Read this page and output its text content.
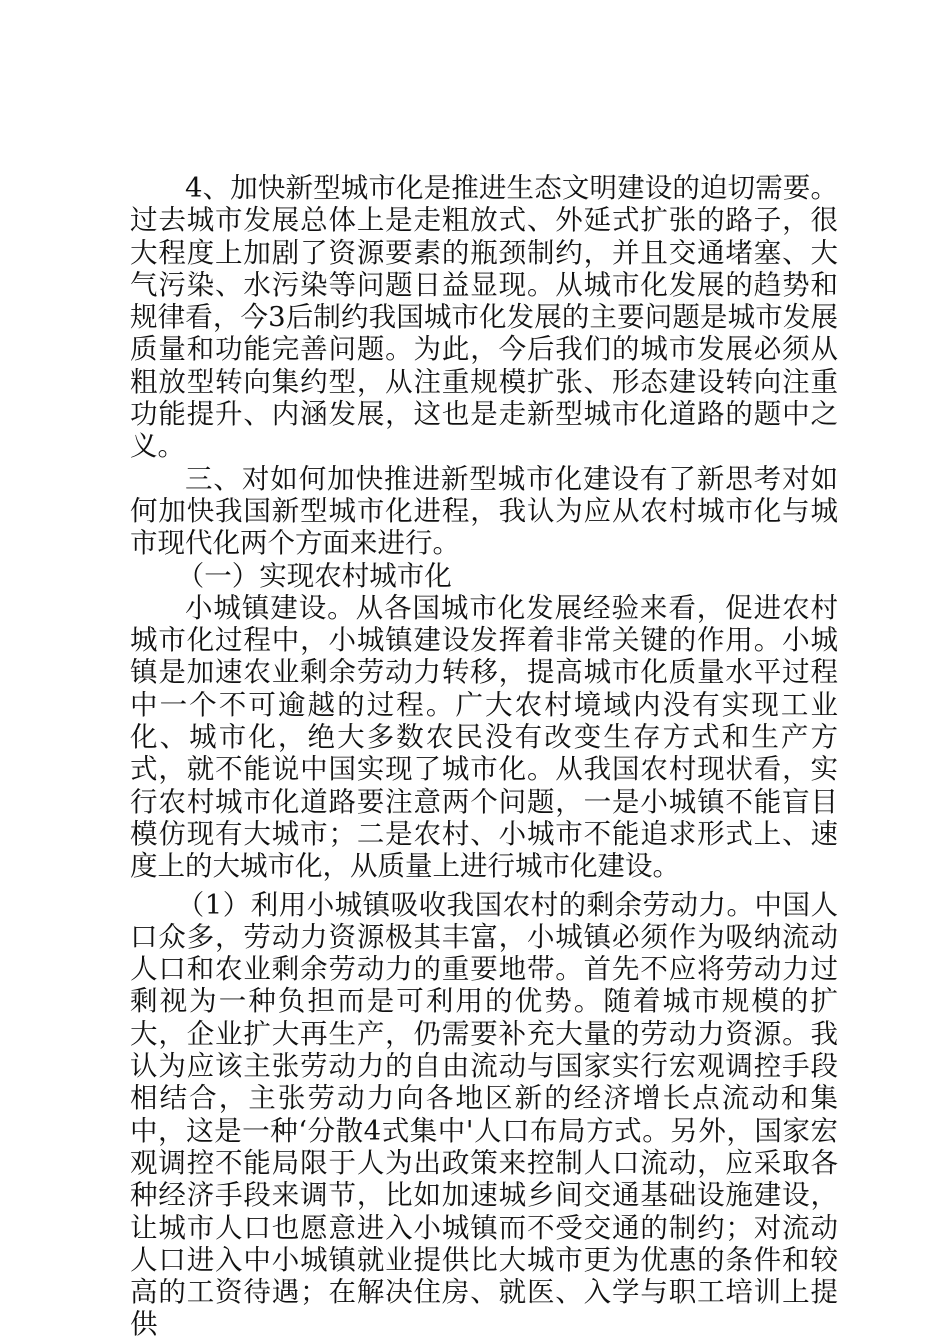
4、加快新型城市化是推进生态文明建设的迫切需要。过去城市发展总体上是走粗放式、外延式扩张的路子，很大程度上加剧了资源要素的瓶颈制约，并且交通堵塞、大气污染、水污染等问题日益显现。从城市化发展的趋势和规律看，今3后制约我国城市化发展的主要问题是城市发展质量和功能完善问题。为此，今后我们的城市发展必须从粗放型转向集约型，从注重规模扩张、形态建设转向注重功能提升、内涵发展，这也是走新型城市化道路的题中之义。

三、对如何加快推进新型城市化建设有了新思考对如何加快我国新型城市化进程，我认为应从农村城市化与城市现代化两个方面来进行。

（一）实现农村城市化

小城镇建设。从各国城市化发展经验来看，促进农村城市化过程中，小城镇建设发挥着非常关键的作用。小城镇是加速农业剩余劳动力转移，提高城市化质量水平过程中一个不可逾越的过程。广大农村境域内没有实现工业化、城市化，绝大多数农民没有改变生存方式和生产方式，就不能说中国实现了城市化。从我国农村现状看，实行农村城市化道路要注意两个问题，一是小城镇不能盲目模仿现有大城市；二是农村、小城市不能追求形式上、速度上的大城市化，从质量上进行城市化建设。

（1）利用小城镇吸收我国农村的剩余劳动力。中国人口众多，劳动力资源极其丰富，小城镇必须作为吸纳流动人口和农业剩余劳动力的重要地带。首先不应将劳动力过剩视为一种负担而是可利用的优势。随着城市规模的扩大，企业扩大再生产，仍需要补充大量的劳动力资源。我认为应该主张劳动力的自由流动与国家实行宏观调控手段相结合，主张劳动力向各地区新的经济增长点流动和集中，这是一种‘分散4式集中'人口布局方式。另外，国家宏观调控不能局限于人为出政策来控制人口流动，应采取各种经济手段来调节，比如加速城乡间交通基础设施建设，让城市人口也愿意进入小城镇而不受交通的制约；对流动人口进入中小城镇就业提供比大城市更为优惠的条件和较高的工资待遇；在解决住房、就医、入学与职工培训上提供
